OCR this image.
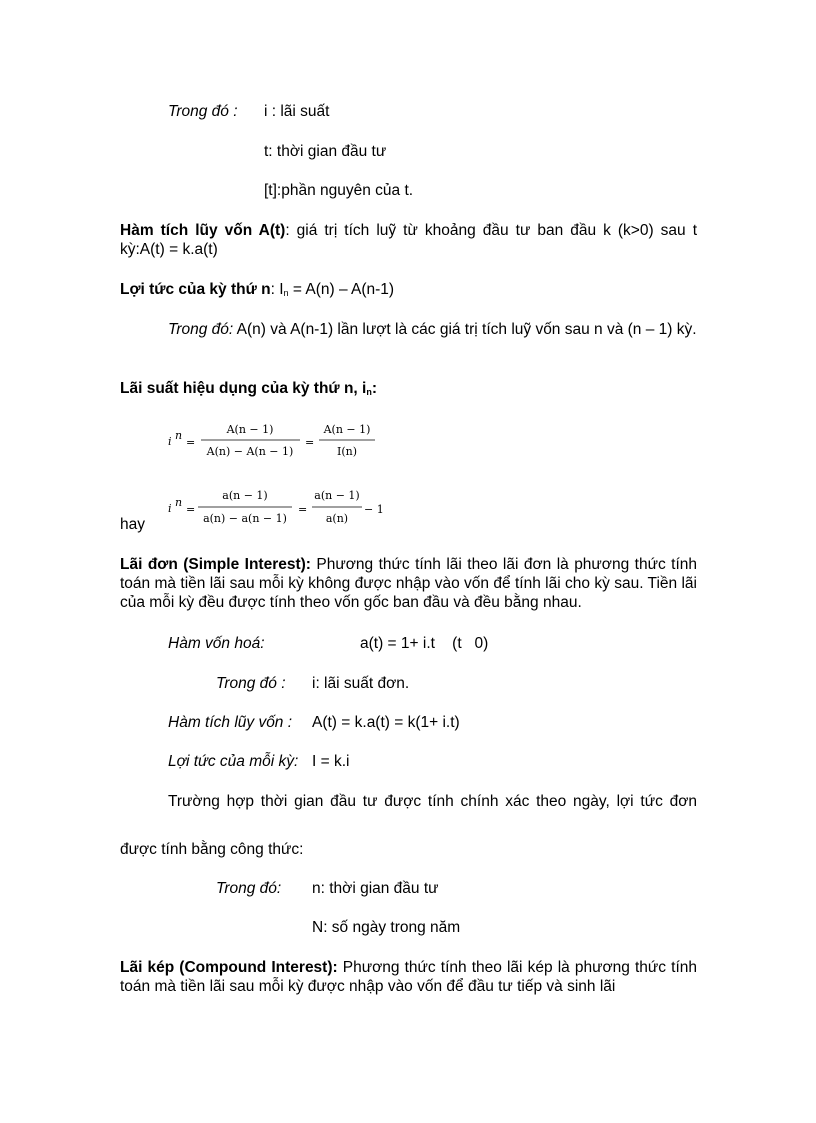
Trong đó : i : lãi suất
t: thời gian đầu tư
[t]:phần nguyên của t.
Hàm tích lũy vốn A(t): giá trị tích luỹ từ khoảng đầu tư ban đầu k (k>0) sau t kỳ:A(t) = k.a(t)
Lợi tức của kỳ thứ n: $I_n = A(n) - A(n-1)$
Trong đó: A(n) và A(n-1) lần lượt là các giá trị tích luỹ vốn sau n và (n – 1) kỳ.
Lãi suất hiệu dụng của kỳ thứ n, $i_n$:
i n
=
A(n − 1)
A(n) − A(n − 1)
=
A(n − 1)
I(n)
i n
=
a(n − 1)
a(n) − a(n − 1)
=
a(n − 1)
a(n)
− 1
hay
Lãi đơn (Simple Interest): Phương thức tính lãi theo lãi đơn là phương thức tính toán mà tiền lãi sau mỗi kỳ không được nhập vào vốn để tính lãi cho kỳ sau. Tiền lãi của mỗi kỳ đều được tính theo vốn gốc ban đầu và đều bằng nhau.
Hàm vốn hoá:	a(t) = 1+ i.t    (t   0)
Trong đó : i: lãi suất đơn.
Hàm tích lũy vốn : A(t) = k.a(t) = k(1+ i.t)
Lợi tức của mỗi kỳ: I = k.i
Trường hợp thời gian đầu tư được tính chính xác theo ngày, lợi tức đơn
được tính bằng công thức:
Trong đó: n: thời gian đầu tư
N: số ngày trong năm
Lãi kép (Compound Interest): Phương thức tính theo lãi kép là phương thức tính toán mà tiền lãi sau mỗi kỳ được nhập vào vốn để đầu tư tiếp và sinh lãi
